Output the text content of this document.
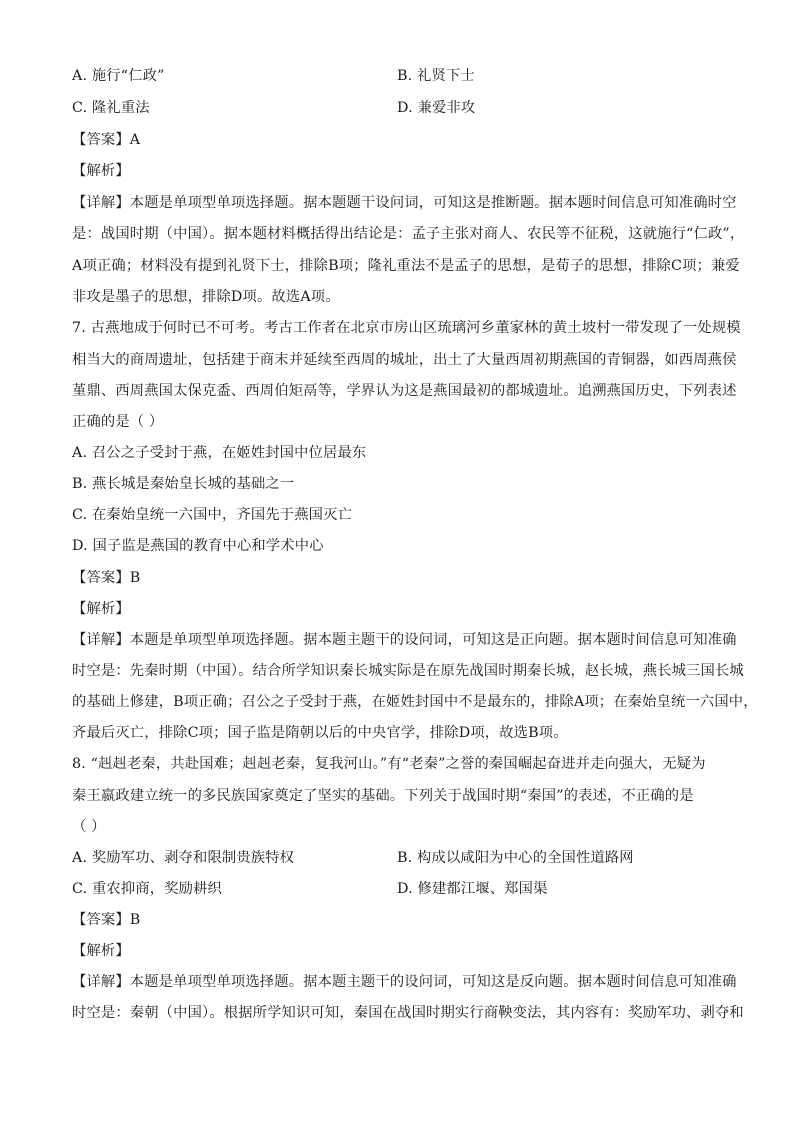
A. 施行“仁政”	B. 礼贤下士
C. 隆礼重法	D. 兼爱非攻
【答案】A
【解析】
【详解】本题是单项型单项选择题。据本题题干设问词，可知这是推断题。据本题时间信息可知准确时空
是：战国时期（中国）。据本题材料概括得出结论是：孟子主张对商人、农民等不征税，这就施行“仁政”，
A项正确；材料没有提到礼贤下士，排除B项；隆礼重法不是孟子的思想，是荀子的思想，排除C项；兼爱
非攻是墨子的思想，排除D项。故选A项。
7. 古燕地成于何时已不可考。考古工作者在北京市房山区琉璃河乡董家林的黄土坡村一带发现了一处规模
相当大的商周遗址，包括建于商末并延续至西周的城址，出土了大量西周初期燕国的青铜器，如西周燕侯
堇鼎、西周燕国太保克盉、西周伯矩鬲等，学界认为这是燕国最初的都城遗址。追溯燕国历史，下列表述
正确的是（ ）
A. 召公之子受封于燕，在姬姓封国中位居最东
B. 燕长城是秦始皇长城的基础之一
C. 在秦始皇统一六国中，齐国先于燕国灭亡
D. 国子监是燕国的教育中心和学术中心
【答案】B
【解析】
【详解】本题是单项型单项选择题。据本题主题干的设问词，可知这是正向题。据本题时间信息可知准确
时空是：先秦时期（中国）。结合所学知识秦长城实际是在原先战国时期秦长城，赵长城，燕长城三国长城
的基础上修建，B项正确；召公之子受封于燕，在姬姓封国中不是最东的，排除A项；在秦始皇统一六国中，
齐最后灭亡，排除C项；国子监是隋朝以后的中央官学，排除D项，故选B项。
8. “赳赳老秦，共赴国难；赳赳老秦，复我河山。”有“老秦”之誉的秦国崛起奋进并走向强大，无疑为
秦王嬴政建立统一的多民族国家奠定了坚实的基础。下列关于战国时期“秦国”的表述，不正确的是
（ ）
A. 奖励军功、剥夺和限制贵族特权	B. 构成以咸阳为中心的全国性道路网
C. 重农抑商，奖励耕织	D. 修建都江堰、郑国渠
【答案】B
【解析】
【详解】本题是单项型单项选择题。据本题主题干的设问词，可知这是反向题。据本题时间信息可知准确
时空是：秦朝（中国）。根据所学知识可知，秦国在战国时期实行商鞅变法，其内容有：奖励军功、剥夺和
